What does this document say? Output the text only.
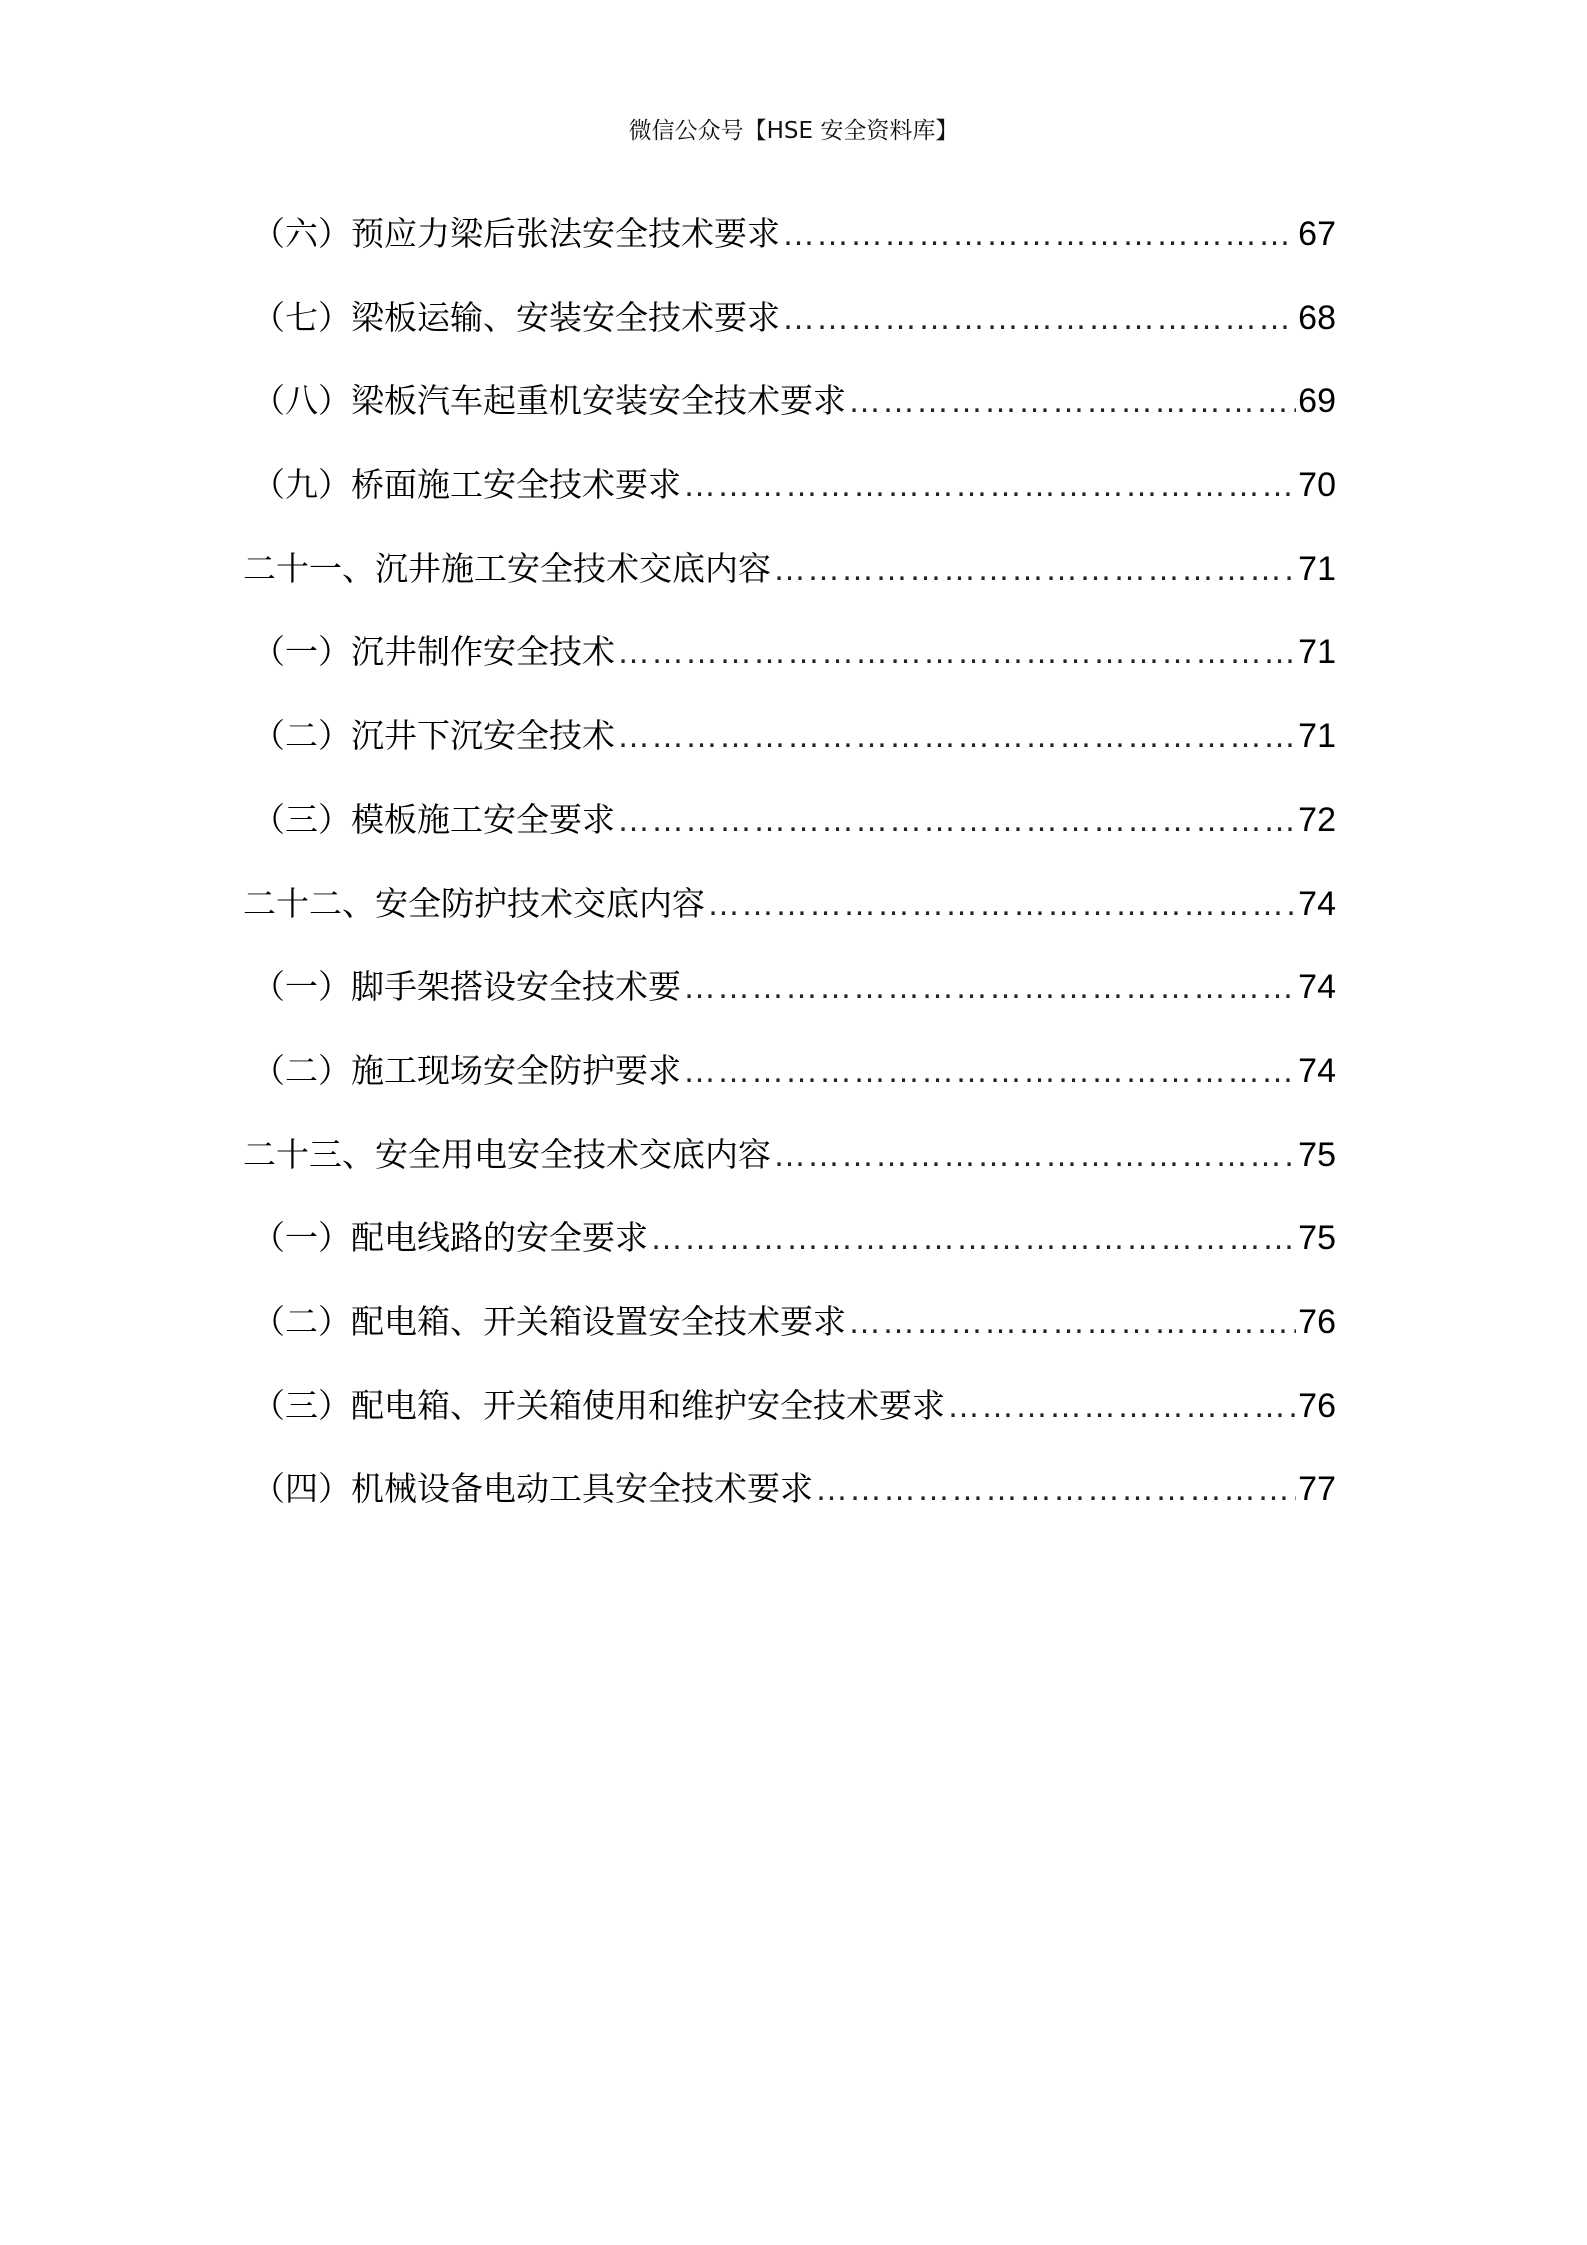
微信公众号【HSE 安全资料库】
（六）预应力梁后张法安全技术要求 ……………………………………………………………………………………………………………………………………………………………………	67
（七）梁板运输、安装安全技术要求 ……………………………………………………………………………………………………………………………………………………………………	68
（八）梁板汽车起重机安装安全技术要求 ……………………………………………………………………………………………………………………………………………………………………	69
（九）桥面施工安全技术要求 ……………………………………………………………………………………………………………………………………………………………………	70
二十一、沉井施工安全技术交底内容 ……………………………………………………………………………………………………………………………………………………………………	71
（一）沉井制作安全技术 ……………………………………………………………………………………………………………………………………………………………………	71
（二）沉井下沉安全技术 ……………………………………………………………………………………………………………………………………………………………………	71
（三）模板施工安全要求 ……………………………………………………………………………………………………………………………………………………………………	72
二十二、安全防护技术交底内容 ……………………………………………………………………………………………………………………………………………………………………	74
（一）脚手架搭设安全技术要 ……………………………………………………………………………………………………………………………………………………………………	74
（二）施工现场安全防护要求 ……………………………………………………………………………………………………………………………………………………………………	74
二十三、安全用电安全技术交底内容 ……………………………………………………………………………………………………………………………………………………………………	75
（一）配电线路的安全要求 ……………………………………………………………………………………………………………………………………………………………………	75
（二）配电箱、开关箱设置安全技术要求 ……………………………………………………………………………………………………………………………………………………………………	76
（三）配电箱、开关箱使用和维护安全技术要求 ……………………………………………………………………………………………………………………………………………………………………	76
（四）机械设备电动工具安全技术要求 ……………………………………………………………………………………………………………………………………………………………………	77
